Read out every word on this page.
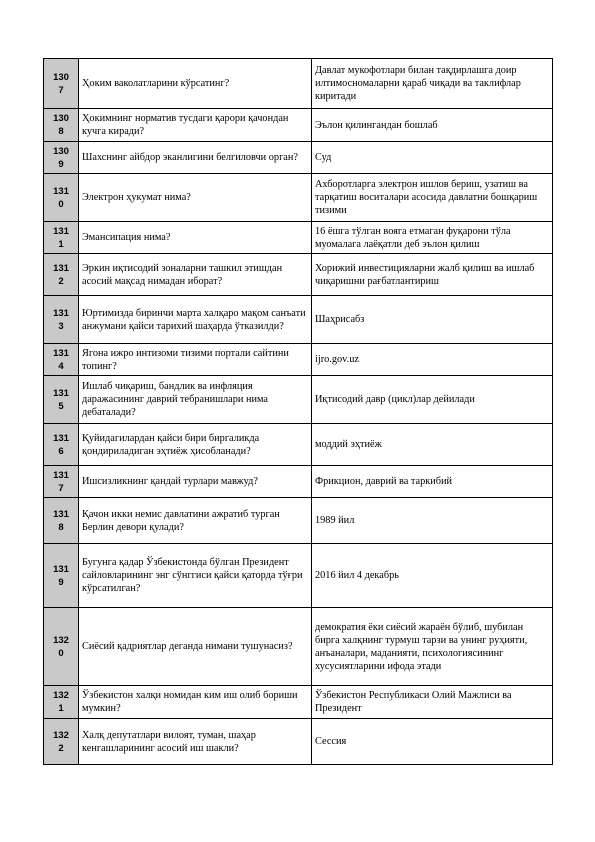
130
7	Ҳоким ваколатларини кўрсатинг?	Давлат мукофотлари билан тақдирлашга доир илтимосномаларни қараб чиқади ва таклифлар киритади
130
8	Ҳокимнинг норматив тусдаги қарори қачондан кучга киради?	Эълон қилингандан бошлаб
130
9	Шахснинг айбдор эканлигини белгиловчи орган?	Суд
131
0	Электрон ҳукумат нима?	Ахборотларга электрон ишлов бериш, узатиш ва тарқатиш воситалари асосида давлатни бошқариш тизими
131
1	Эмансипация нима?	16 ёшга тўлган вояга етмаган фуқарони тўла муомалага лаёқатли деб эълон қилиш
131
2	Эркин иқтисодий зоналарни ташкил этишдан асосий мақсад нимадан иборат?	Хорижий инвестицияларни жалб қилиш ва ишлаб чиқаришни рағбатлантириш
131
3	Юртимизда биринчи марта халқаро мақом санъати анжумани қайси тарихий шаҳарда ўтказилди?	Шаҳрисабз
131
4	Ягона ижро интизоми тизими портали сайтини топинг?	ijro.gov.uz
131
5	Ишлаб чиқариш, бандлик ва инфляция даражасининг даврий тебранишлари нима дебаталади?	Иқтисодий давр (цикл)лар дейилади
131
6	Қуйидагилардан қайси бири биргаликда қондириладиган эҳтиёж ҳисобланади?	моддий эҳтиёж
131
7	Ишсизликнинг қандай турлари мавжуд?	Фрикцион, даврий ва таркибий
131
8	Қачон икки немис давлатини ажратиб турган Берлин девори қулади?	1989 йил
131
9	Бугунга қадар Ўзбекистонда бўлган Президент сайловларининг энг сўнггиси қайси қаторда тўғри кўрсатилган?	2016 йил 4 декабрь
132
0	Сиёсий қадриятлар деганда нимани тушунасиз?	демократия ёки сиёсий жараён бўлиб, шубилан бирга халқнинг турмуш тарзи ва унинг руҳияти, анъаналари, маданияти, психологиясининг хусусиятларини ифода этади
132
1	Ўзбекистон халқи номидан ким иш олиб бориши мумкин?	Ўзбекистон Республикаси Олий Мажлиси ва Президент
132
2	Халқ депутатлари вилоят, туман, шаҳар кенгашларининг асосий иш шакли?	Сессия
